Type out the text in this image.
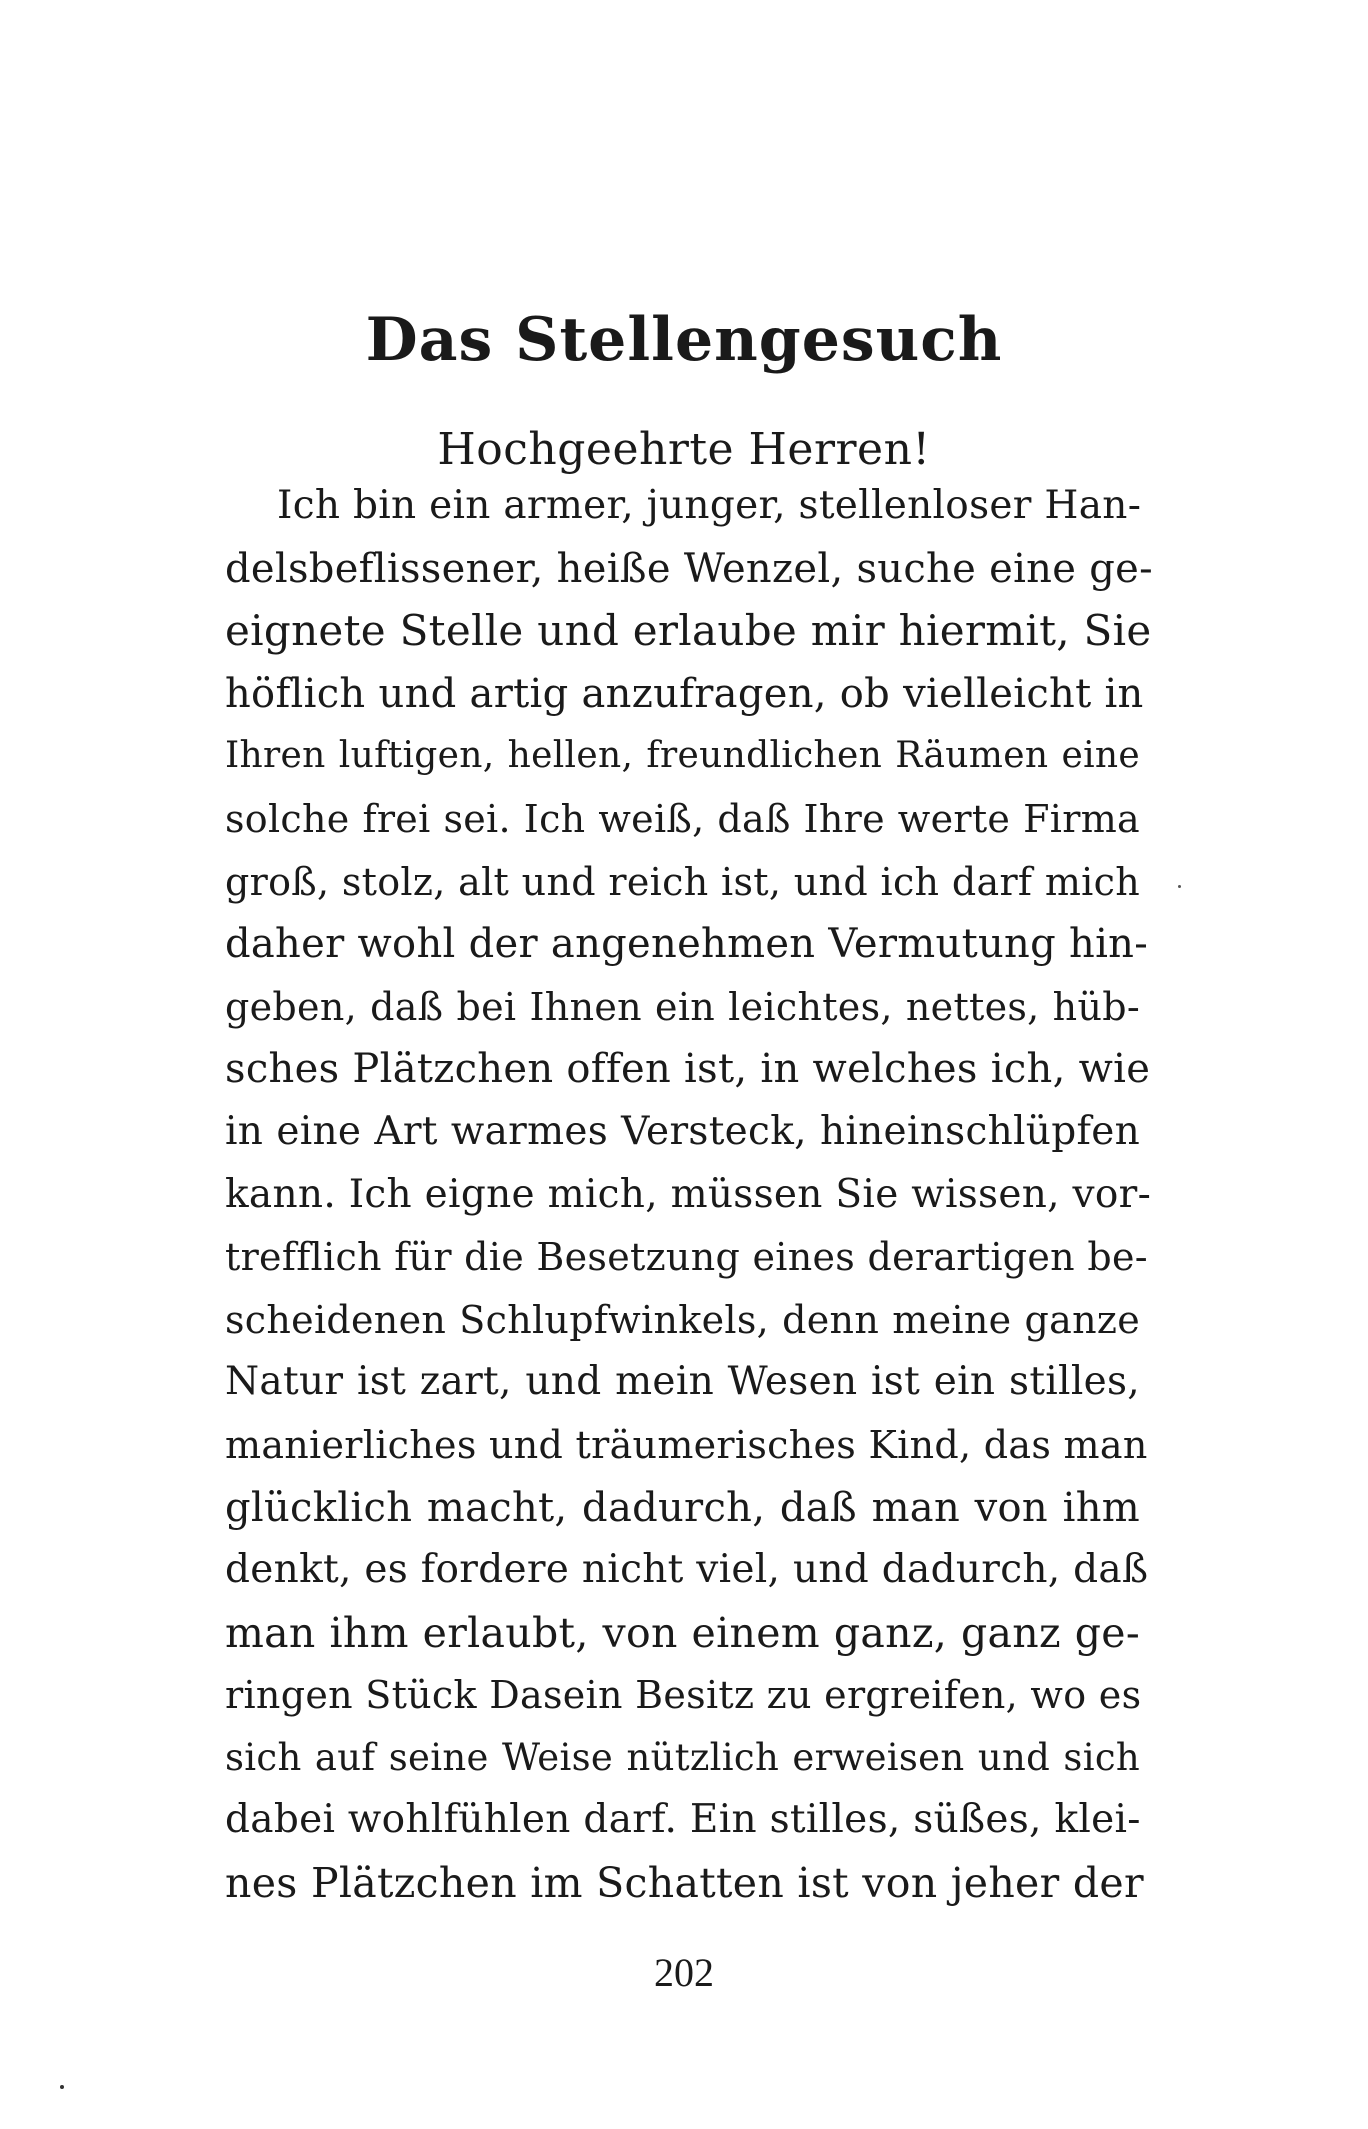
Das Stellengesuch
Hochgeehrte Herren!
Ich bin ein armer, junger, stellenloser Han-
delsbeflissener, heiße Wenzel, suche eine ge-
eignete Stelle und erlaube mir hiermit, Sie
höflich und artig anzufragen, ob vielleicht in
Ihren luftigen, hellen, freundlichen Räumen eine
solche frei sei. Ich weiß, daß Ihre werte Firma
groß, stolz, alt und reich ist, und ich darf mich
daher wohl der angenehmen Vermutung hin-
geben, daß bei Ihnen ein leichtes, nettes, hüb-
sches Plätzchen offen ist, in welches ich, wie
in eine Art warmes Versteck, hineinschlüpfen
kann. Ich eigne mich, müssen Sie wissen, vor-
trefflich für die Besetzung eines derartigen be-
scheidenen Schlupfwinkels, denn meine ganze
Natur ist zart, und mein Wesen ist ein stilles,
manierliches und träumerisches Kind, das man
glücklich macht, dadurch, daß man von ihm
denkt, es fordere nicht viel, und dadurch, daß
man ihm erlaubt, von einem ganz, ganz ge-
ringen Stück Dasein Besitz zu ergreifen, wo es
sich auf seine Weise nützlich erweisen und sich
dabei wohlfühlen darf. Ein stilles, süßes, klei-
nes Plätzchen im Schatten ist von jeher der
202
